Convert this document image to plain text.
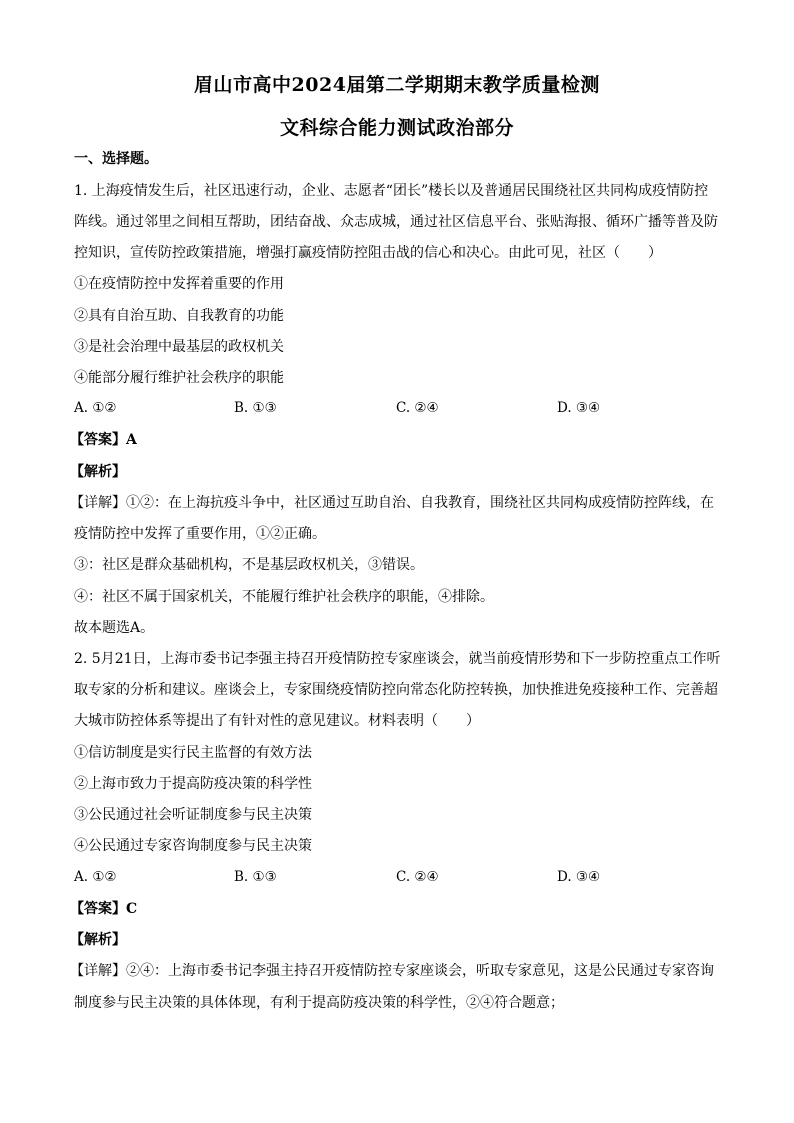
眉山市高中2024届第二学期期末教学质量检测
文科综合能力测试政治部分
一、选择题。
1. 上海疫情发生后，社区迅速行动，企业、志愿者“团长”楼长以及普通居民围绕社区共同构成疫情防控
阵线。通过邻里之间相互帮助，团结奋战、众志成城，通过社区信息平台、张贴海报、循环广播等普及防
控知识，宣传防控政策措施，增强打赢疫情防控阻击战的信心和决心。由此可见，社区（　　）
①在疫情防控中发挥着重要的作用
②具有自治互助、自我教育的功能
③是社会治理中最基层的政权机关
④能部分履行维护社会秩序的职能
A. ①②	B. ①③	C. ②④	D. ③④
【答案】A
【解析】
【详解】①②：在上海抗疫斗争中，社区通过互助自治、自我教育，围绕社区共同构成疫情防控阵线，在
疫情防控中发挥了重要作用，①②正确。
③：社区是群众基础机构，不是基层政权机关，③错误。
④：社区不属于国家机关，不能履行维护社会秩序的职能，④排除。
故本题选A。
2. 5月21日，上海市委书记李强主持召开疫情防控专家座谈会，就当前疫情形势和下一步防控重点工作听
取专家的分析和建议。座谈会上，专家围绕疫情防控向常态化防控转换，加快推进免疫接种工作、完善超
大城市防控体系等提出了有针对性的意见建议。材料表明（　　）
①信访制度是实行民主监督的有效方法
②上海市致力于提高防疫决策的科学性
③公民通过社会听证制度参与民主决策
④公民通过专家咨询制度参与民主决策
A. ①②	B. ①③	C. ②④	D. ③④
【答案】C
【解析】
【详解】②④：上海市委书记李强主持召开疫情防控专家座谈会，听取专家意见，这是公民通过专家咨询
制度参与民主决策的具体体现，有利于提高防疫决策的科学性，②④符合题意；
